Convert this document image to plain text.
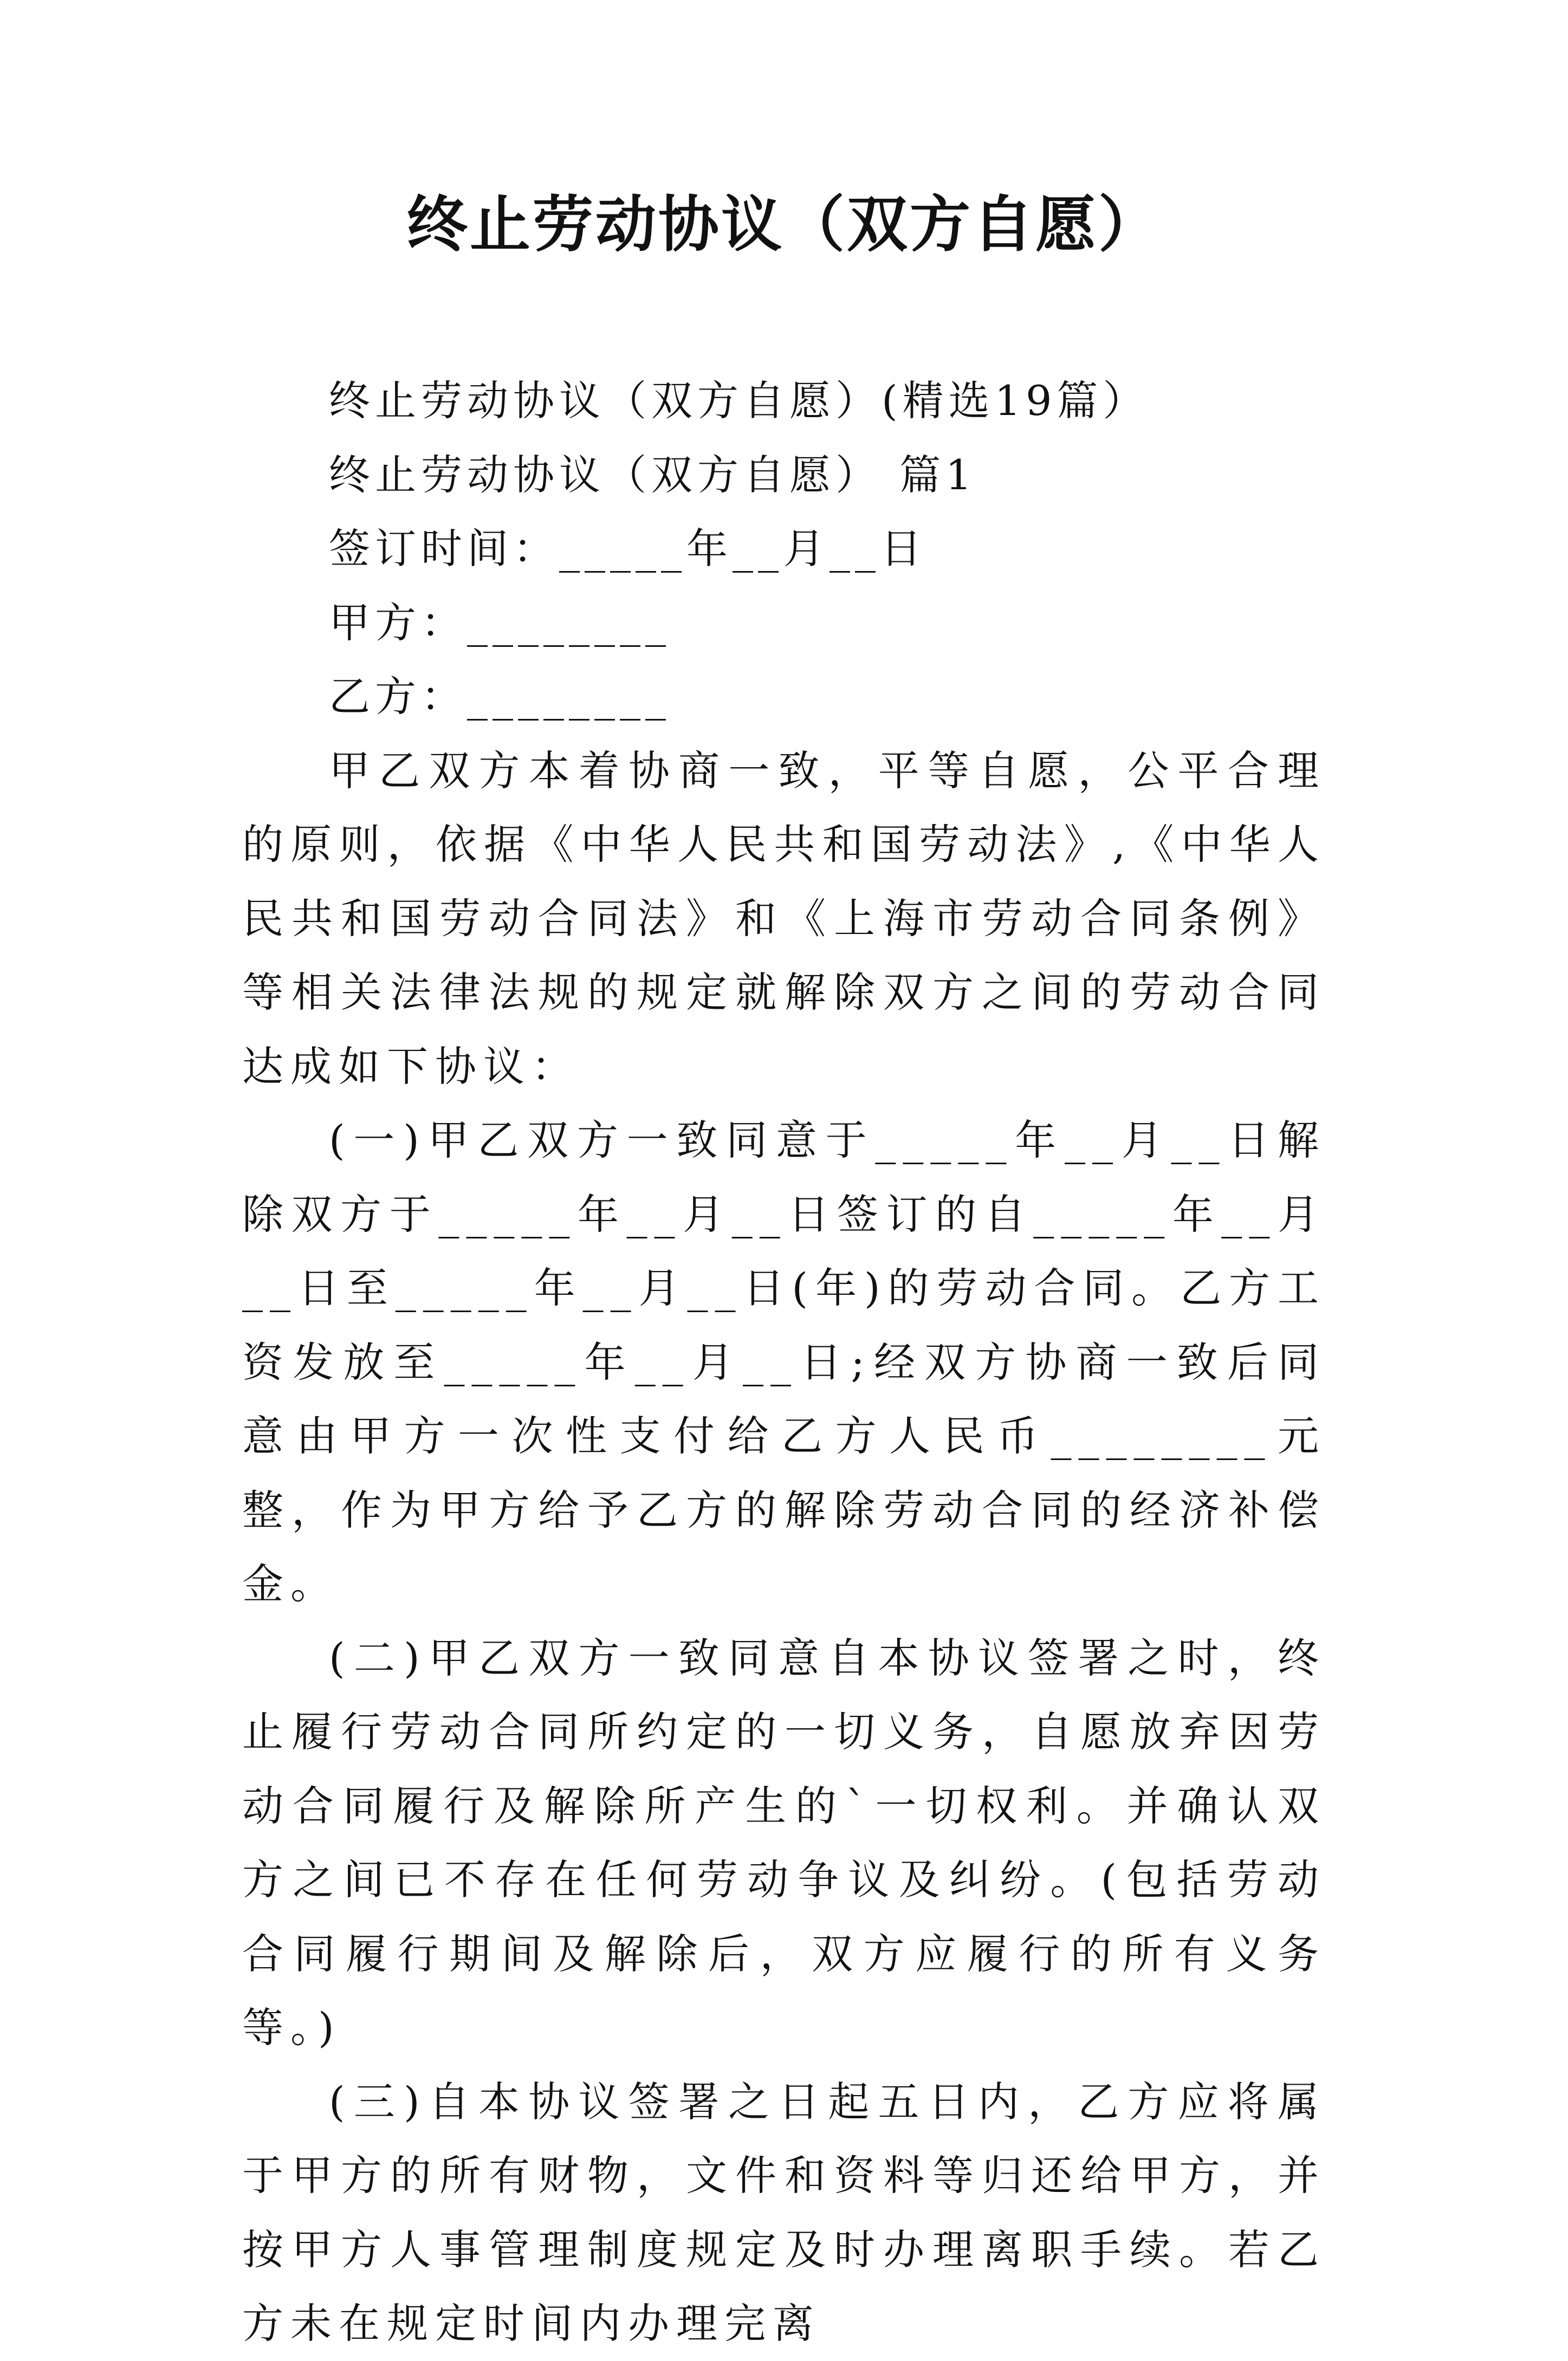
终止劳动协议（双方自愿）

终止劳动协议（双方自愿）(精选19篇）

终止劳动协议（双方自愿） 篇1

签订时间：_____年__月__日

甲方：________

乙方：________

甲乙双方本着协商一致，平等自愿，公平合理的原则，依据《中华人民共和国劳动法》,《中华人民共和国劳动合同法》和《上海市劳动合同条例》等相关法律法规的规定就解除双方之间的劳动合同达成如下协议：

(一)甲乙双方一致同意于_____年__月__日解除双方于_____年__月__日签订的自_____年__月__日至_____年__月__日(年)的劳动合同。乙方工资发放至_____年__月__日;经双方协商一致后同意由甲方一次性支付给乙方人民币________元整，作为甲方给予乙方的解除劳动合同的经济补偿金。

(二)甲乙双方一致同意自本协议签署之时，终止履行劳动合同所约定的一切义务，自愿放弃因劳动合同履行及解除所产生的`一切权利。并确认双方之间已不存在任何劳动争议及纠纷。(包括劳动合同履行期间及解除后，双方应履行的所有义务等。)

(三)自本协议签署之日起五日内，乙方应将属于甲方的所有财物，文件和资料等归还给甲方，并按甲方人事管理制度规定及时办理离职手续。若乙方未在规定时间内办理完离
